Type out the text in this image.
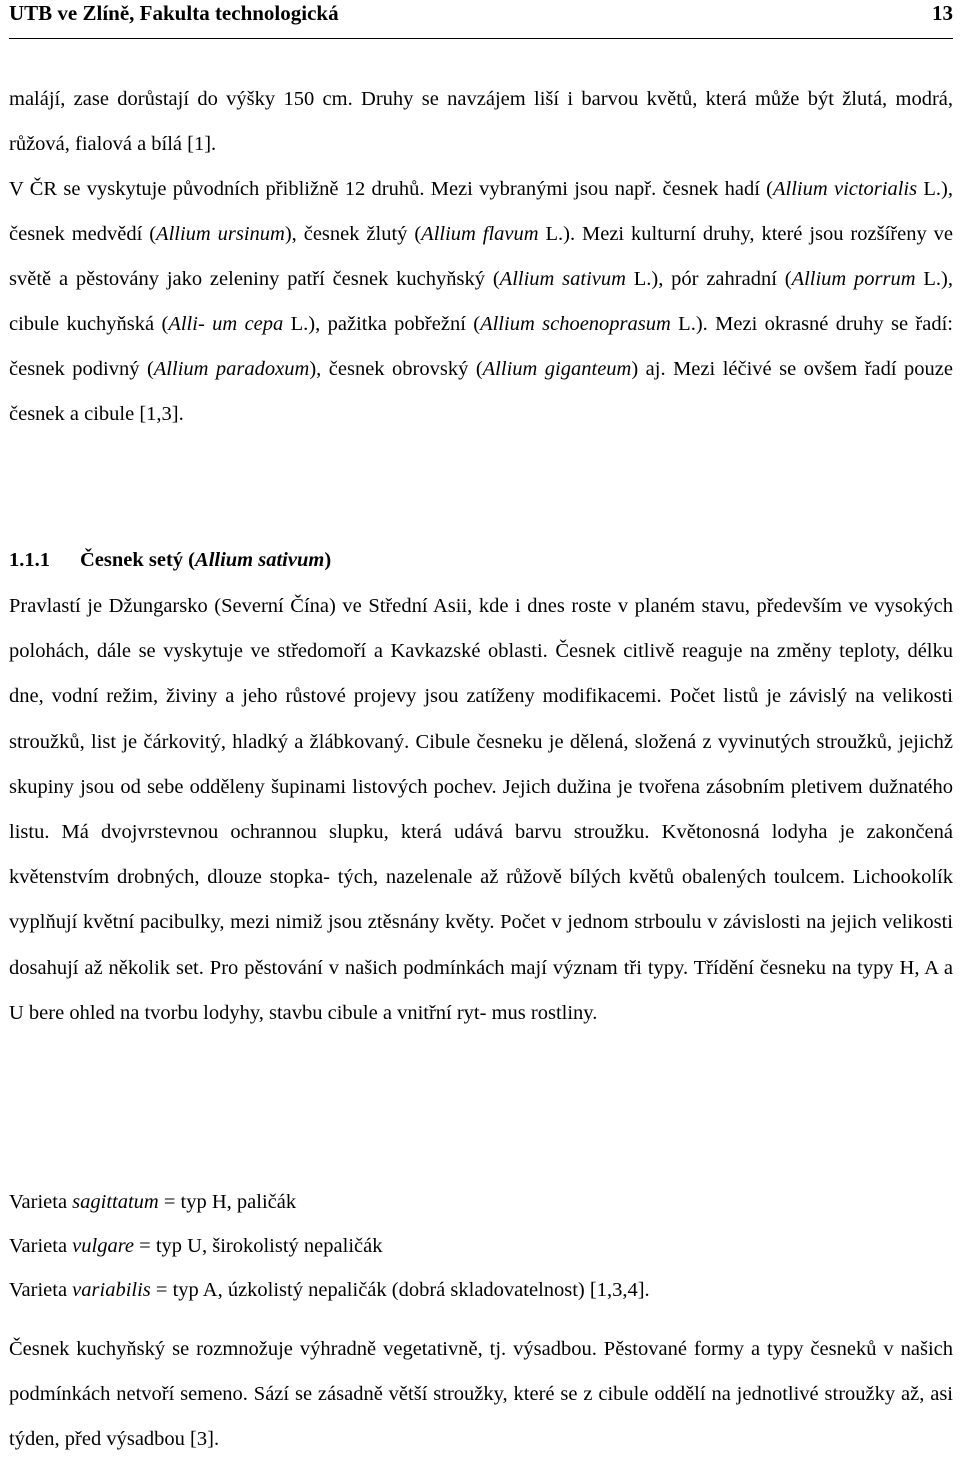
UTB ve Zlíně, Fakulta technologická	13

malájí, zase dorůstají do výšky 150 cm. Druhy se navzájem liší i barvou květů, která může být žlutá, modrá, růžová, fialová a bílá [1].

V ČR se vyskytuje původních přibližně 12 druhů. Mezi vybranými jsou např. česnek hadí (Allium victorialis L.), česnek medvědí (Allium ursinum), česnek žlutý (Allium flavum L.). Mezi kulturní druhy, které jsou rozšířeny ve světě a pěstovány jako zeleniny patří česnek kuchyňský (Allium sativum L.), pór zahradní (Allium porrum L.), cibule kuchyňská (Alli- um cepa L.), pažitka pobřežní (Allium schoenoprasum L.). Mezi okrasné druhy se řadí: česnek podivný (Allium paradoxum), česnek obrovský (Allium giganteum) aj. Mezi léčivé se ovšem řadí pouze česnek a cibule [1,3].

1.1.1 Česnek setý (Allium sativum)

Pravlastí je Džungarsko (Severní Čína) ve Střední Asii, kde i dnes roste v planém stavu, především ve vysokých polohách, dále se vyskytuje ve středomoří a Kavkazské oblasti. Česnek citlivě reaguje na změny teploty, délku dne, vodní režim, živiny a jeho růstové projevy jsou zatíženy modifikacemi. Počet listů je závislý na velikosti stroužků, list je čárkovitý, hladký a žlábkovaný. Cibule česneku je dělená, složená z vyvinutých stroužků, jejichž skupiny jsou od sebe odděleny šupinami listových pochev. Jejich dužina je tvořena zásobním pletivem dužnatého listu. Má dvojvrstevnou ochrannou slupku, která udává barvu stroužku. Květonosná lodyha je zakončená květenstvím drobných, dlouze stopka- tých, nazelenale až růžově bílých květů obalených toulcem. Lichookolík vyplňují květní pacibulky, mezi nimiž jsou ztěsnány květy. Počet v jednom strboulu v závislosti na jejich velikosti dosahují až několik set. Pro pěstování v našich podmínkách mají význam tři typy. Třídění česneku na typy H, A a U bere ohled na tvorbu lodyhy, stavbu cibule a vnitřní ryt- mus rostliny.

Varieta sagittatum = typ H, paličák
Varieta vulgare = typ U, širokolistý nepaličák
Varieta variabilis = typ A, úzkolistý nepaličák (dobrá skladovatelnost) [1,3,4].

Česnek kuchyňský se rozmnožuje výhradně vegetativně, tj. výsadbou. Pěstované formy a typy česneků v našich podmínkách netvoří semeno. Sází se zásadně větší stroužky, které se z cibule oddělí na jednotlivé stroužky až, asi týden, před výsadbou [3].
